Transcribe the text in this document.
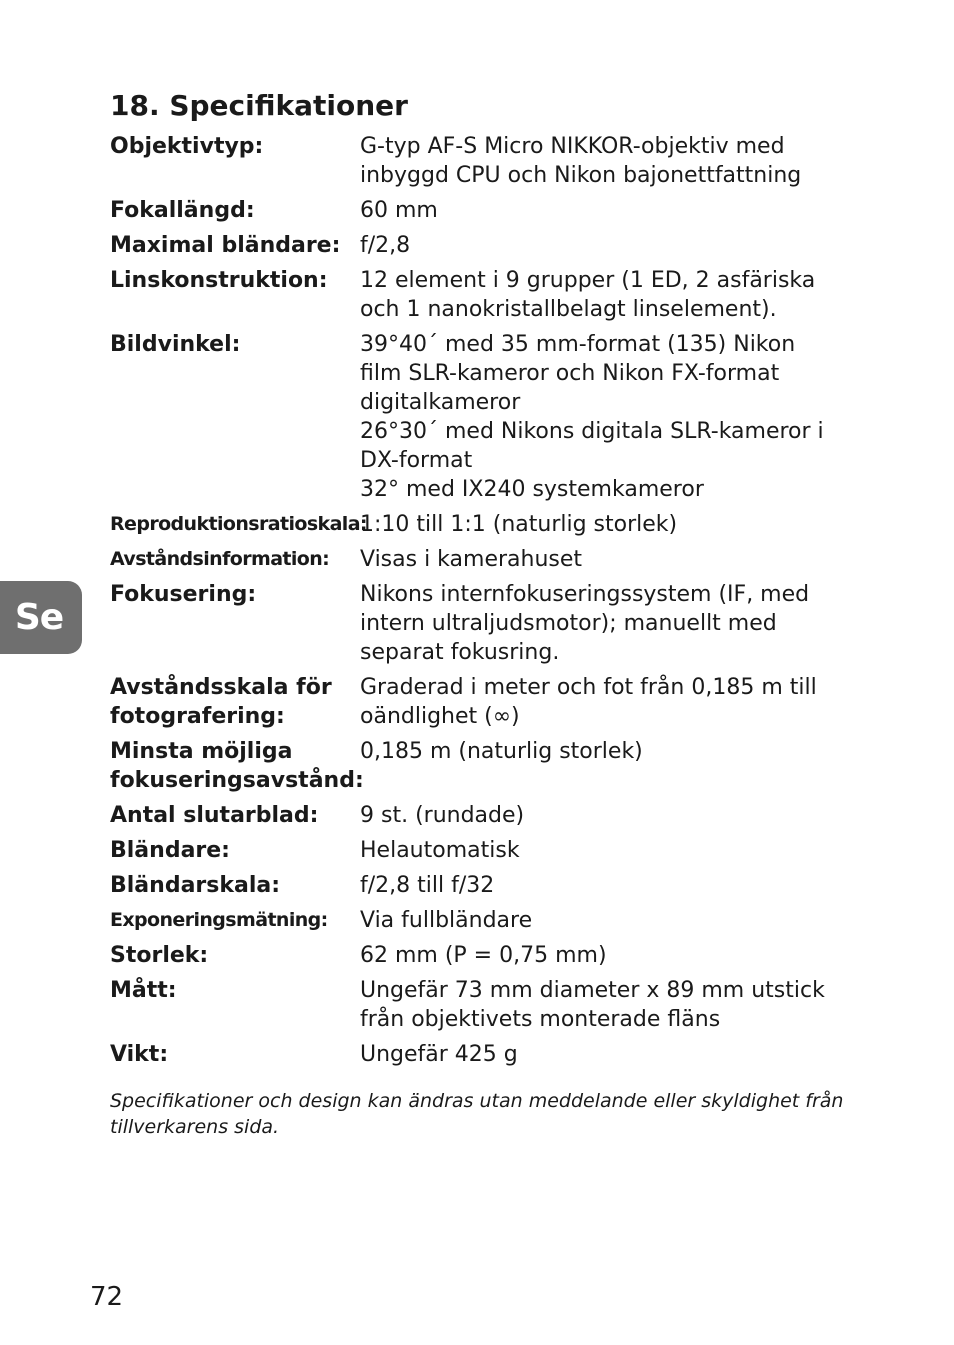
18. Specifikationer
Objektivtyp:	G-typ AF-S Micro NIKKOR-objektiv med
inbyggd CPU och Nikon bajonettfattning
Fokallängd:	60 mm
Maximal bländare: f/2,8
Linskonstruktion:	12 element i 9 grupper (1 ED, 2 asfäriska
och 1 nanokristallbelagt linselement).
Bildvinkel:	39°40´ med 35 mm-format (135) Nikon
film SLR-kameror och Nikon FX-format
digitalkameror
26°30´ med Nikons digitala SLR-kameror i
DX-format
32° med IX240 systemkameror
Reproduktionsratioskala:
1:10 till 1:1 (naturlig storlek)
Avståndsinformation:	Visas i kamerahuset
Fokusering:	Nikons internfokuseringssystem (IF, med
intern ultraljudsmotor); manuellt med
separat fokusring.
Avståndsskala för
fotografering:
Graderad i meter och fot från 0,185 m till
oändlighet (∞)
Minsta möjliga
fokuseringsavstånd:
0,185 m (naturlig storlek)
Antal slutarblad:	9 st. (rundade)
Bländare:	Helautomatisk
Bländarskala:	f/2,8 till f/32
Exponeringsmätning:	Via fullbländare
Storlek:	62 mm (P = 0,75 mm)
Mått:	Ungefär 73 mm diameter x 89 mm utstick
från objektivets monterade fläns
Vikt:	Ungefär 425 g
Specifikationer och design kan ändras utan meddelande eller skyldighet från
tillverkarens sida.
Se
72
